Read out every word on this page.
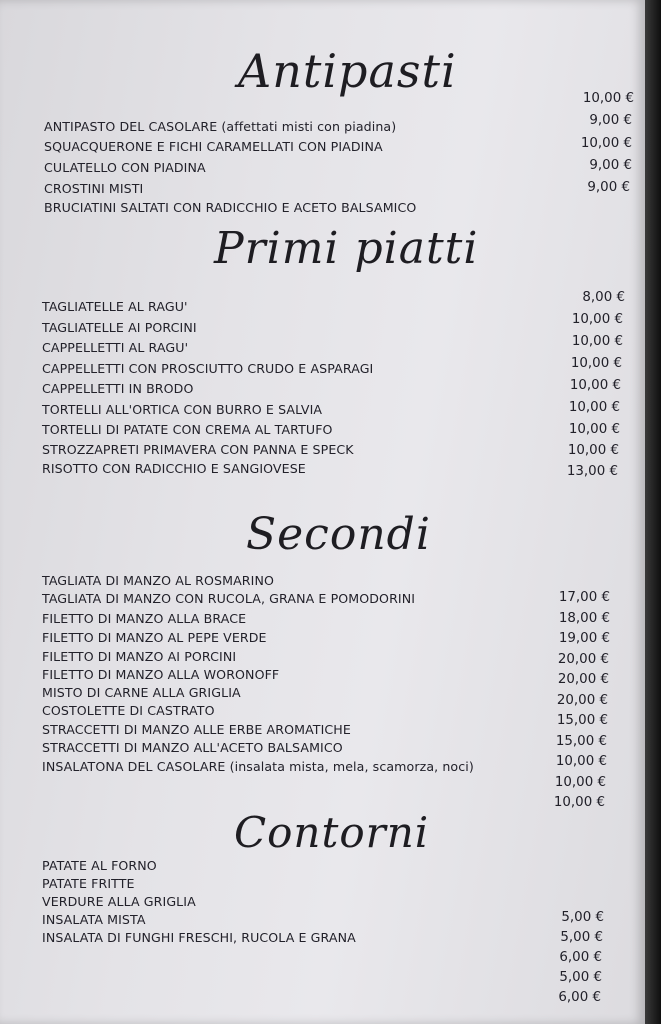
Antipasti
ANTIPASTO DEL CASOLARE (affettati misti con piadina)
SQUACQUERONE E FICHI CARAMELLATI CON PIADINA
CULATELLO CON PIADINA
CROSTINI MISTI
BRUCIATINI SALTATI CON RADICCHIO E ACETO BALSAMICO
10,00 €
9,00 €
10,00 €
9,00 €
9,00 €
Primi piatti
TAGLIATELLE AL RAGU'
TAGLIATELLE AI PORCINI
CAPPELLETTI AL RAGU'
CAPPELLETTI CON PROSCIUTTO CRUDO E ASPARAGI
CAPPELLETTI IN BRODO
TORTELLI ALL'ORTICA CON BURRO E SALVIA
TORTELLI DI PATATE CON CREMA AL TARTUFO
STROZZAPRETI PRIMAVERA CON PANNA E SPECK
RISOTTO CON RADICCHIO E SANGIOVESE
8,00 €
10,00 €
10,00 €
10,00 €
10,00 €
10,00 €
10,00 €
10,00 €
13,00 €
Secondi
TAGLIATA DI MANZO AL ROSMARINO
TAGLIATA DI MANZO CON RUCOLA, GRANA E POMODORINI
FILETTO DI MANZO ALLA BRACE
FILETTO DI MANZO AL PEPE VERDE
FILETTO DI MANZO AI PORCINI
FILETTO DI MANZO ALLA WORONOFF
MISTO DI CARNE ALLA GRIGLIA
COSTOLETTE DI CASTRATO
STRACCETTI DI MANZO ALLE ERBE AROMATICHE
STRACCETTI DI MANZO ALL'ACETO BALSAMICO
INSALATONA DEL CASOLARE (insalata mista, mela, scamorza, noci)
17,00 €
18,00 €
19,00 €
20,00 €
20,00 €
20,00 €
15,00 €
15,00 €
10,00 €
10,00 €
10,00 €
Contorni
PATATE AL FORNO
PATATE FRITTE
VERDURE ALLA GRIGLIA
INSALATA MISTA
INSALATA DI FUNGHI FRESCHI, RUCOLA E GRANA
5,00 €
5,00 €
6,00 €
5,00 €
6,00 €
